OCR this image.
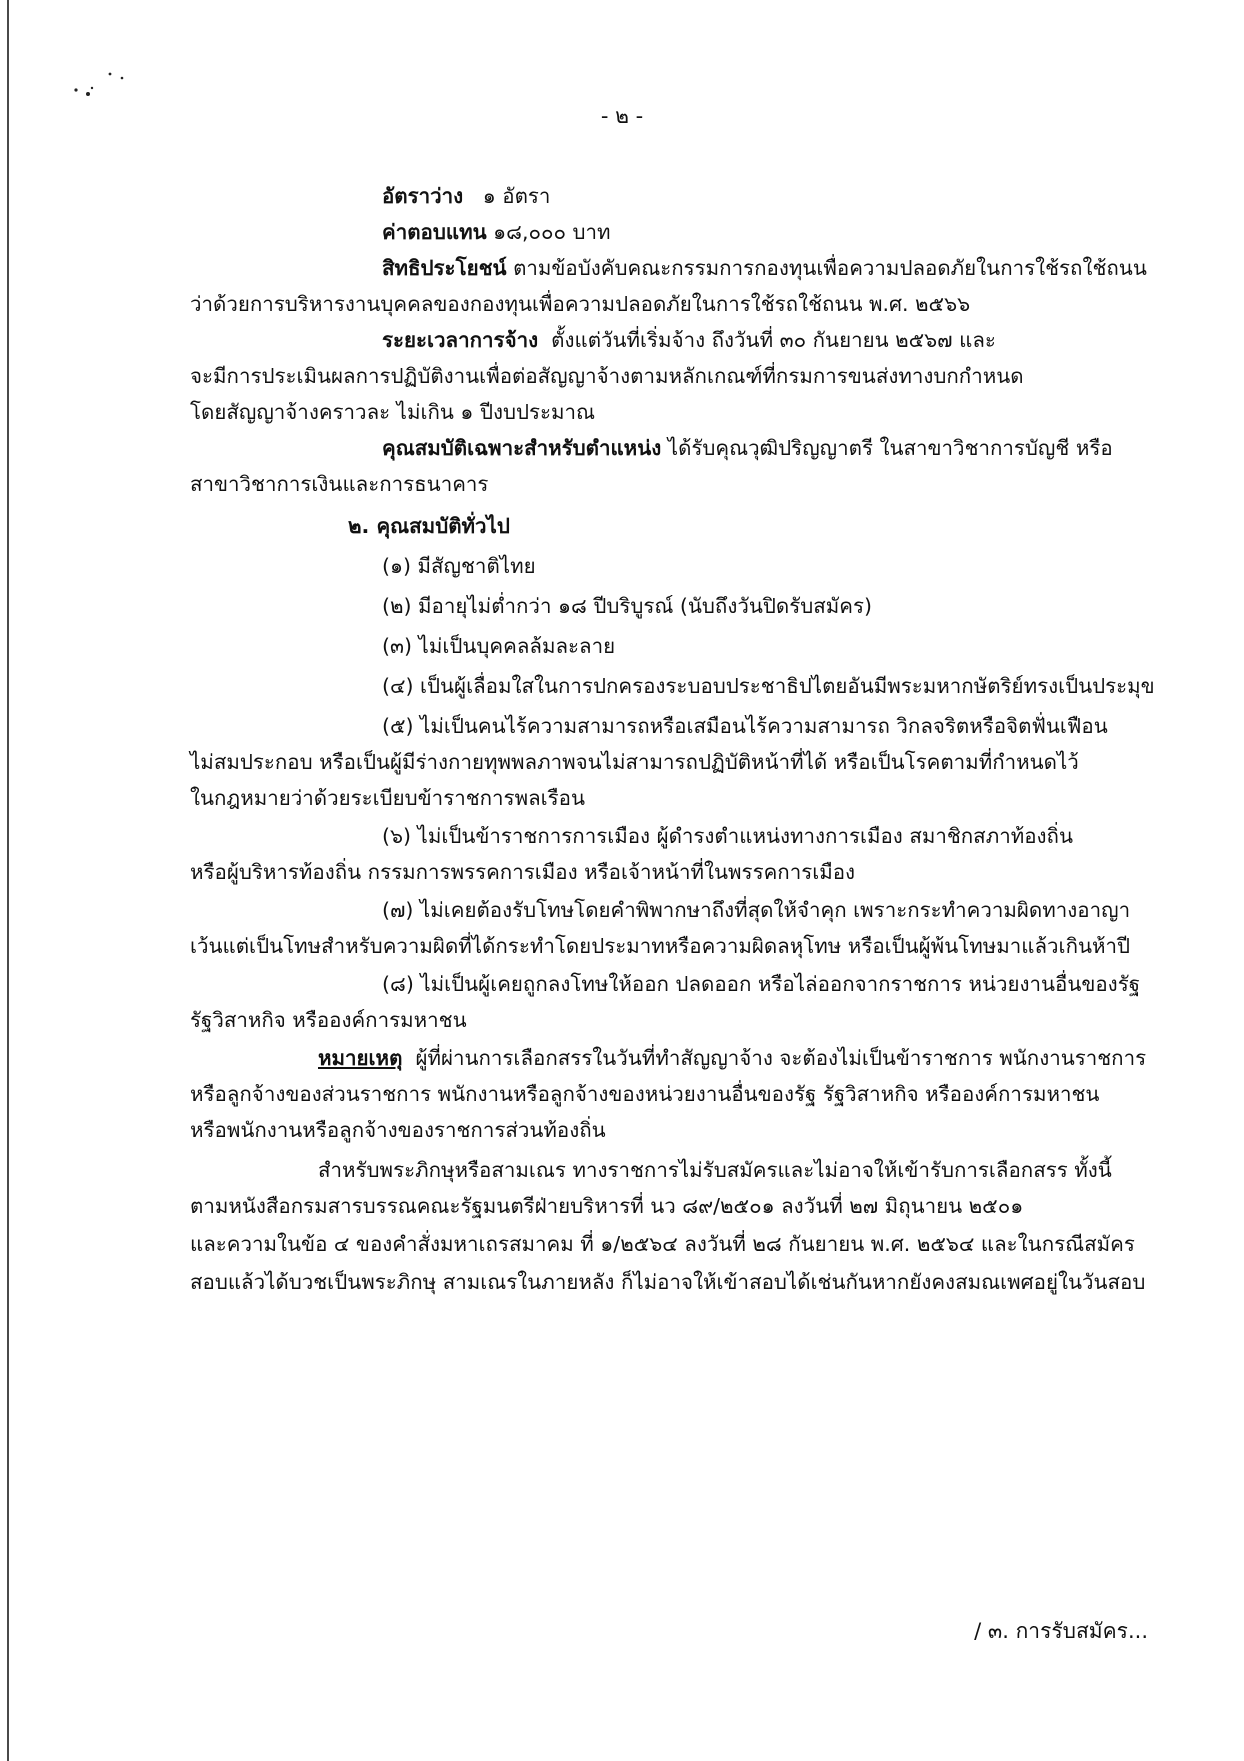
- ๒ -
อัตราว่าง ๑ อัตรา
ค่าตอบแทน ๑๘,๐๐๐ บาท
สิทธิประโยชน์ ตามข้อบังคับคณะกรรมการกองทุนเพื่อความปลอดภัยในการใช้รถใช้ถนน
ว่าด้วยการบริหารงานบุคคลของกองทุนเพื่อความปลอดภัยในการใช้รถใช้ถนน พ.ศ. ๒๕๖๖
ระยะเวลาการจ้าง ตั้งแต่วันที่เริ่มจ้าง ถึงวันที่ ๓๐ กันยายน ๒๕๖๗ และ
จะมีการประเมินผลการปฏิบัติงานเพื่อต่อสัญญาจ้างตามหลักเกณฑ์ที่กรมการขนส่งทางบกกำหนด
โดยสัญญาจ้างคราวละ ไม่เกิน ๑ ปีงบประมาณ
คุณสมบัติเฉพาะสำหรับตำแหน่ง ได้รับคุณวุฒิปริญญาตรี ในสาขาวิชาการบัญชี หรือ
สาขาวิชาการเงินและการธนาคาร
๒. คุณสมบัติทั่วไป
(๑) มีสัญชาติไทย
(๒) มีอายุไม่ต่ำกว่า ๑๘ ปีบริบูรณ์ (นับถึงวันปิดรับสมัคร)
(๓) ไม่เป็นบุคคลล้มละลาย
(๔) เป็นผู้เลื่อมใสในการปกครองระบอบประชาธิปไตยอันมีพระมหากษัตริย์ทรงเป็นประมุข
(๕) ไม่เป็นคนไร้ความสามารถหรือเสมือนไร้ความสามารถ วิกลจริตหรือจิตฟั่นเฟือน
ไม่สมประกอบ หรือเป็นผู้มีร่างกายทุพพลภาพจนไม่สามารถปฏิบัติหน้าที่ได้ หรือเป็นโรคตามที่กำหนดไว้
ในกฎหมายว่าด้วยระเบียบข้าราชการพลเรือน
(๖) ไม่เป็นข้าราชการการเมือง ผู้ดำรงตำแหน่งทางการเมือง สมาชิกสภาท้องถิ่น
หรือผู้บริหารท้องถิ่น กรรมการพรรคการเมือง หรือเจ้าหน้าที่ในพรรคการเมือง
(๗) ไม่เคยต้องรับโทษโดยคำพิพากษาถึงที่สุดให้จำคุก เพราะกระทำความผิดทางอาญา
เว้นแต่เป็นโทษสำหรับความผิดที่ได้กระทำโดยประมาทหรือความผิดลหุโทษ หรือเป็นผู้พ้นโทษมาแล้วเกินห้าปี
(๘) ไม่เป็นผู้เคยถูกลงโทษให้ออก ปลดออก หรือไล่ออกจากราชการ หน่วยงานอื่นของรัฐ
รัฐวิสาหกิจ หรือองค์การมหาชน
หมายเหตุ ผู้ที่ผ่านการเลือกสรรในวันที่ทำสัญญาจ้าง จะต้องไม่เป็นข้าราชการ พนักงานราชการ
หรือลูกจ้างของส่วนราชการ พนักงานหรือลูกจ้างของหน่วยงานอื่นของรัฐ รัฐวิสาหกิจ หรือองค์การมหาชน
หรือพนักงานหรือลูกจ้างของราชการส่วนท้องถิ่น
สำหรับพระภิกษุหรือสามเณร ทางราชการไม่รับสมัครและไม่อาจให้เข้ารับการเลือกสรร ทั้งนี้
ตามหนังสือกรมสารบรรณคณะรัฐมนตรีฝ่ายบริหารที่ นว ๘๙/๒๕๐๑ ลงวันที่ ๒๗ มิถุนายน ๒๕๐๑
และความในข้อ ๔ ของคำสั่งมหาเถรสมาคม ที่ ๑/๒๕๖๔ ลงวันที่ ๒๘ กันยายน พ.ศ. ๒๕๖๔ และในกรณีสมัคร
สอบแล้วได้บวชเป็นพระภิกษุ สามเณรในภายหลัง ก็ไม่อาจให้เข้าสอบได้เช่นกันหากยังคงสมณเพศอยู่ในวันสอบ
/ ๓. การรับสมัคร...
